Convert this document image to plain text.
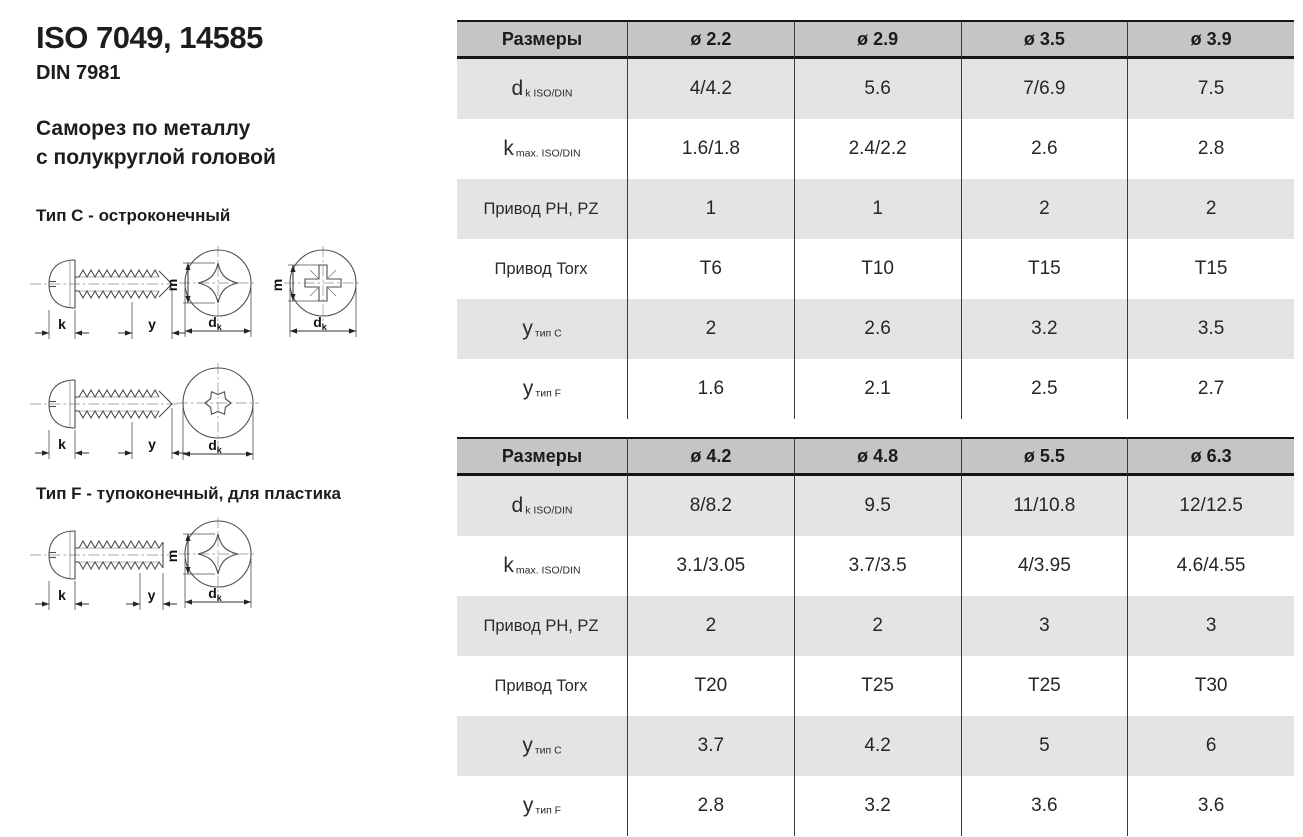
ISO 7049, 14585
DIN 7981
Саморез по металлу
с полукруглой головой
Тип C - остроконечный
Тип F - тупоконечный, для пластика
k	y
m
$d_k$
m
$d_k$
k	y	$d_k$
k	y
m
$d_k$
Размеры	ø 2.2	ø 2.9	ø 3.5	ø 3.9
d k ISO/DIN	4/4.2	5.6	7/6.9	7.5
k max. ISO/DIN	1.6/1.8	2.4/2.2	2.6	2.8
Привод PH, PZ	1	1	2	2
Привод Torx	T6	T10	T15	T15
у тип C	2	2.6	3.2	3.5
у тип F	1.6	2.1	2.5	2.7
Размеры	ø 4.2	ø 4.8	ø 5.5	ø 6.3
d k ISO/DIN	8/8.2	9.5	11/10.8	12/12.5
k max. ISO/DIN	3.1/3.05	3.7/3.5	4/3.95	4.6/4.55
Привод PH, PZ	2	2	3	3
Привод Torx	T20	T25	T25	T30
у тип C	3.7	4.2	5	6
у тип F	2.8	3.2	3.6	3.6
